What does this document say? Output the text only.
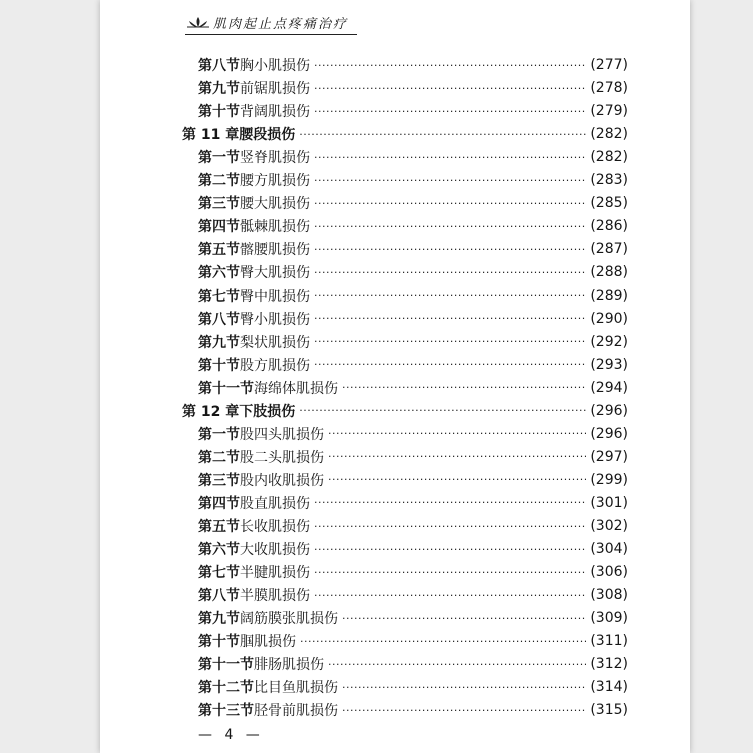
肌肉起止点疼痛治疗
第八节 胸小肌损伤 ·····	(277)
第九节 前锯肌损伤 ·····	(278)
第十节 背阔肌损伤 ·····	(279)
第 11 章 腰段损伤 ·····	(282)
第一节 竖脊肌损伤 ·····	(282)
第二节 腰方肌损伤 ·····	(283)
第三节 腰大肌损伤 ·····	(285)
第四节 骶棘肌损伤 ·····	(286)
第五节 髂腰肌损伤 ·····	(287)
第六节 臀大肌损伤 ·····	(288)
第七节 臀中肌损伤 ·····	(289)
第八节 臀小肌损伤 ·····	(290)
第九节 梨状肌损伤 ·····	(292)
第十节 股方肌损伤 ·····	(293)
第十一节 海绵体肌损伤 ·····	(294)
第 12 章 下肢损伤 ·····	(296)
第一节 股四头肌损伤 ·····	(296)
第二节 股二头肌损伤 ·····	(297)
第三节 股内收肌损伤 ·····	(299)
第四节 股直肌损伤 ·····	(301)
第五节 长收肌损伤 ·····	(302)
第六节 大收肌损伤 ·····	(304)
第七节 半腱肌损伤 ·····	(306)
第八节 半膜肌损伤 ·····	(308)
第九节 阔筋膜张肌损伤 ·····	(309)
第十节 腘肌损伤 ·····	(311)
第十一节 腓肠肌损伤 ·····	(312)
第十二节 比目鱼肌损伤 ·····	(314)
第十三节 胫骨前肌损伤 ·····	(315)
— 4 —
